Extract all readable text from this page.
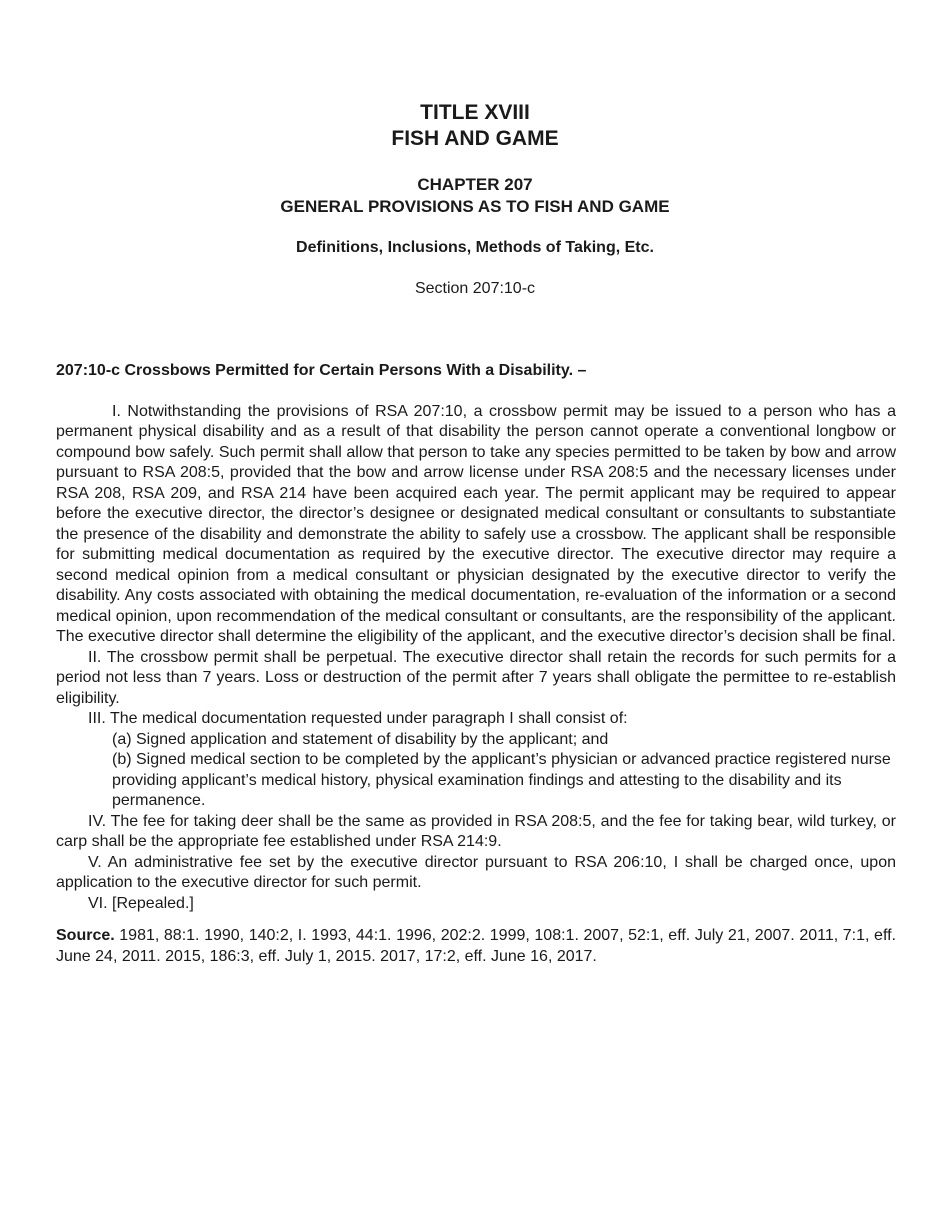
TITLE XVIII
FISH AND GAME
CHAPTER 207
GENERAL PROVISIONS AS TO FISH AND GAME
Definitions, Inclusions, Methods of Taking, Etc.
Section 207:10-c
207:10-c Crossbows Permitted for Certain Persons With a Disability. –

I. Notwithstanding the provisions of RSA 207:10, a crossbow permit may be issued to a person who has a permanent physical disability and as a result of that disability the person cannot operate a conventional longbow or compound bow safely. Such permit shall allow that person to take any species permitted to be taken by bow and arrow pursuant to RSA 208:5, provided that the bow and arrow license under RSA 208:5 and the necessary licenses under RSA 208, RSA 209, and RSA 214 have been acquired each year. The permit applicant may be required to appear before the executive director, the director’s designee or designated medical consultant or consultants to substantiate the presence of the disability and demonstrate the ability to safely use a crossbow. The applicant shall be responsible for submitting medical documentation as required by the executive director. The executive director may require a second medical opinion from a medical consultant or physician designated by the executive director to verify the disability. Any costs associated with obtaining the medical documentation, re-evaluation of the information or a second medical opinion, upon recommendation of the medical consultant or consultants, are the responsibility of the applicant. The executive director shall determine the eligibility of the applicant, and the executive director’s decision shall be final.

II. The crossbow permit shall be perpetual. The executive director shall retain the records for such permits for a period not less than 7 years. Loss or destruction of the permit after 7 years shall obligate the permittee to re-establish eligibility.

III. The medical documentation requested under paragraph I shall consist of:

(a) Signed application and statement of disability by the applicant; and

(b) Signed medical section to be completed by the applicant’s physician or advanced practice registered nurse providing applicant’s medical history, physical examination findings and attesting to the disability and its permanence.

IV. The fee for taking deer shall be the same as provided in RSA 208:5, and the fee for taking bear, wild turkey, or carp shall be the appropriate fee established under RSA 214:9.

V. An administrative fee set by the executive director pursuant to RSA 206:10, I shall be charged once, upon application to the executive director for such permit.

VI. [Repealed.]

Source. 1981, 88:1. 1990, 140:2, I. 1993, 44:1. 1996, 202:2. 1999, 108:1. 2007, 52:1, eff. July 21, 2007. 2011, 7:1, eff. June 24, 2011. 2015, 186:3, eff. July 1, 2015. 2017, 17:2, eff. June 16, 2017.
